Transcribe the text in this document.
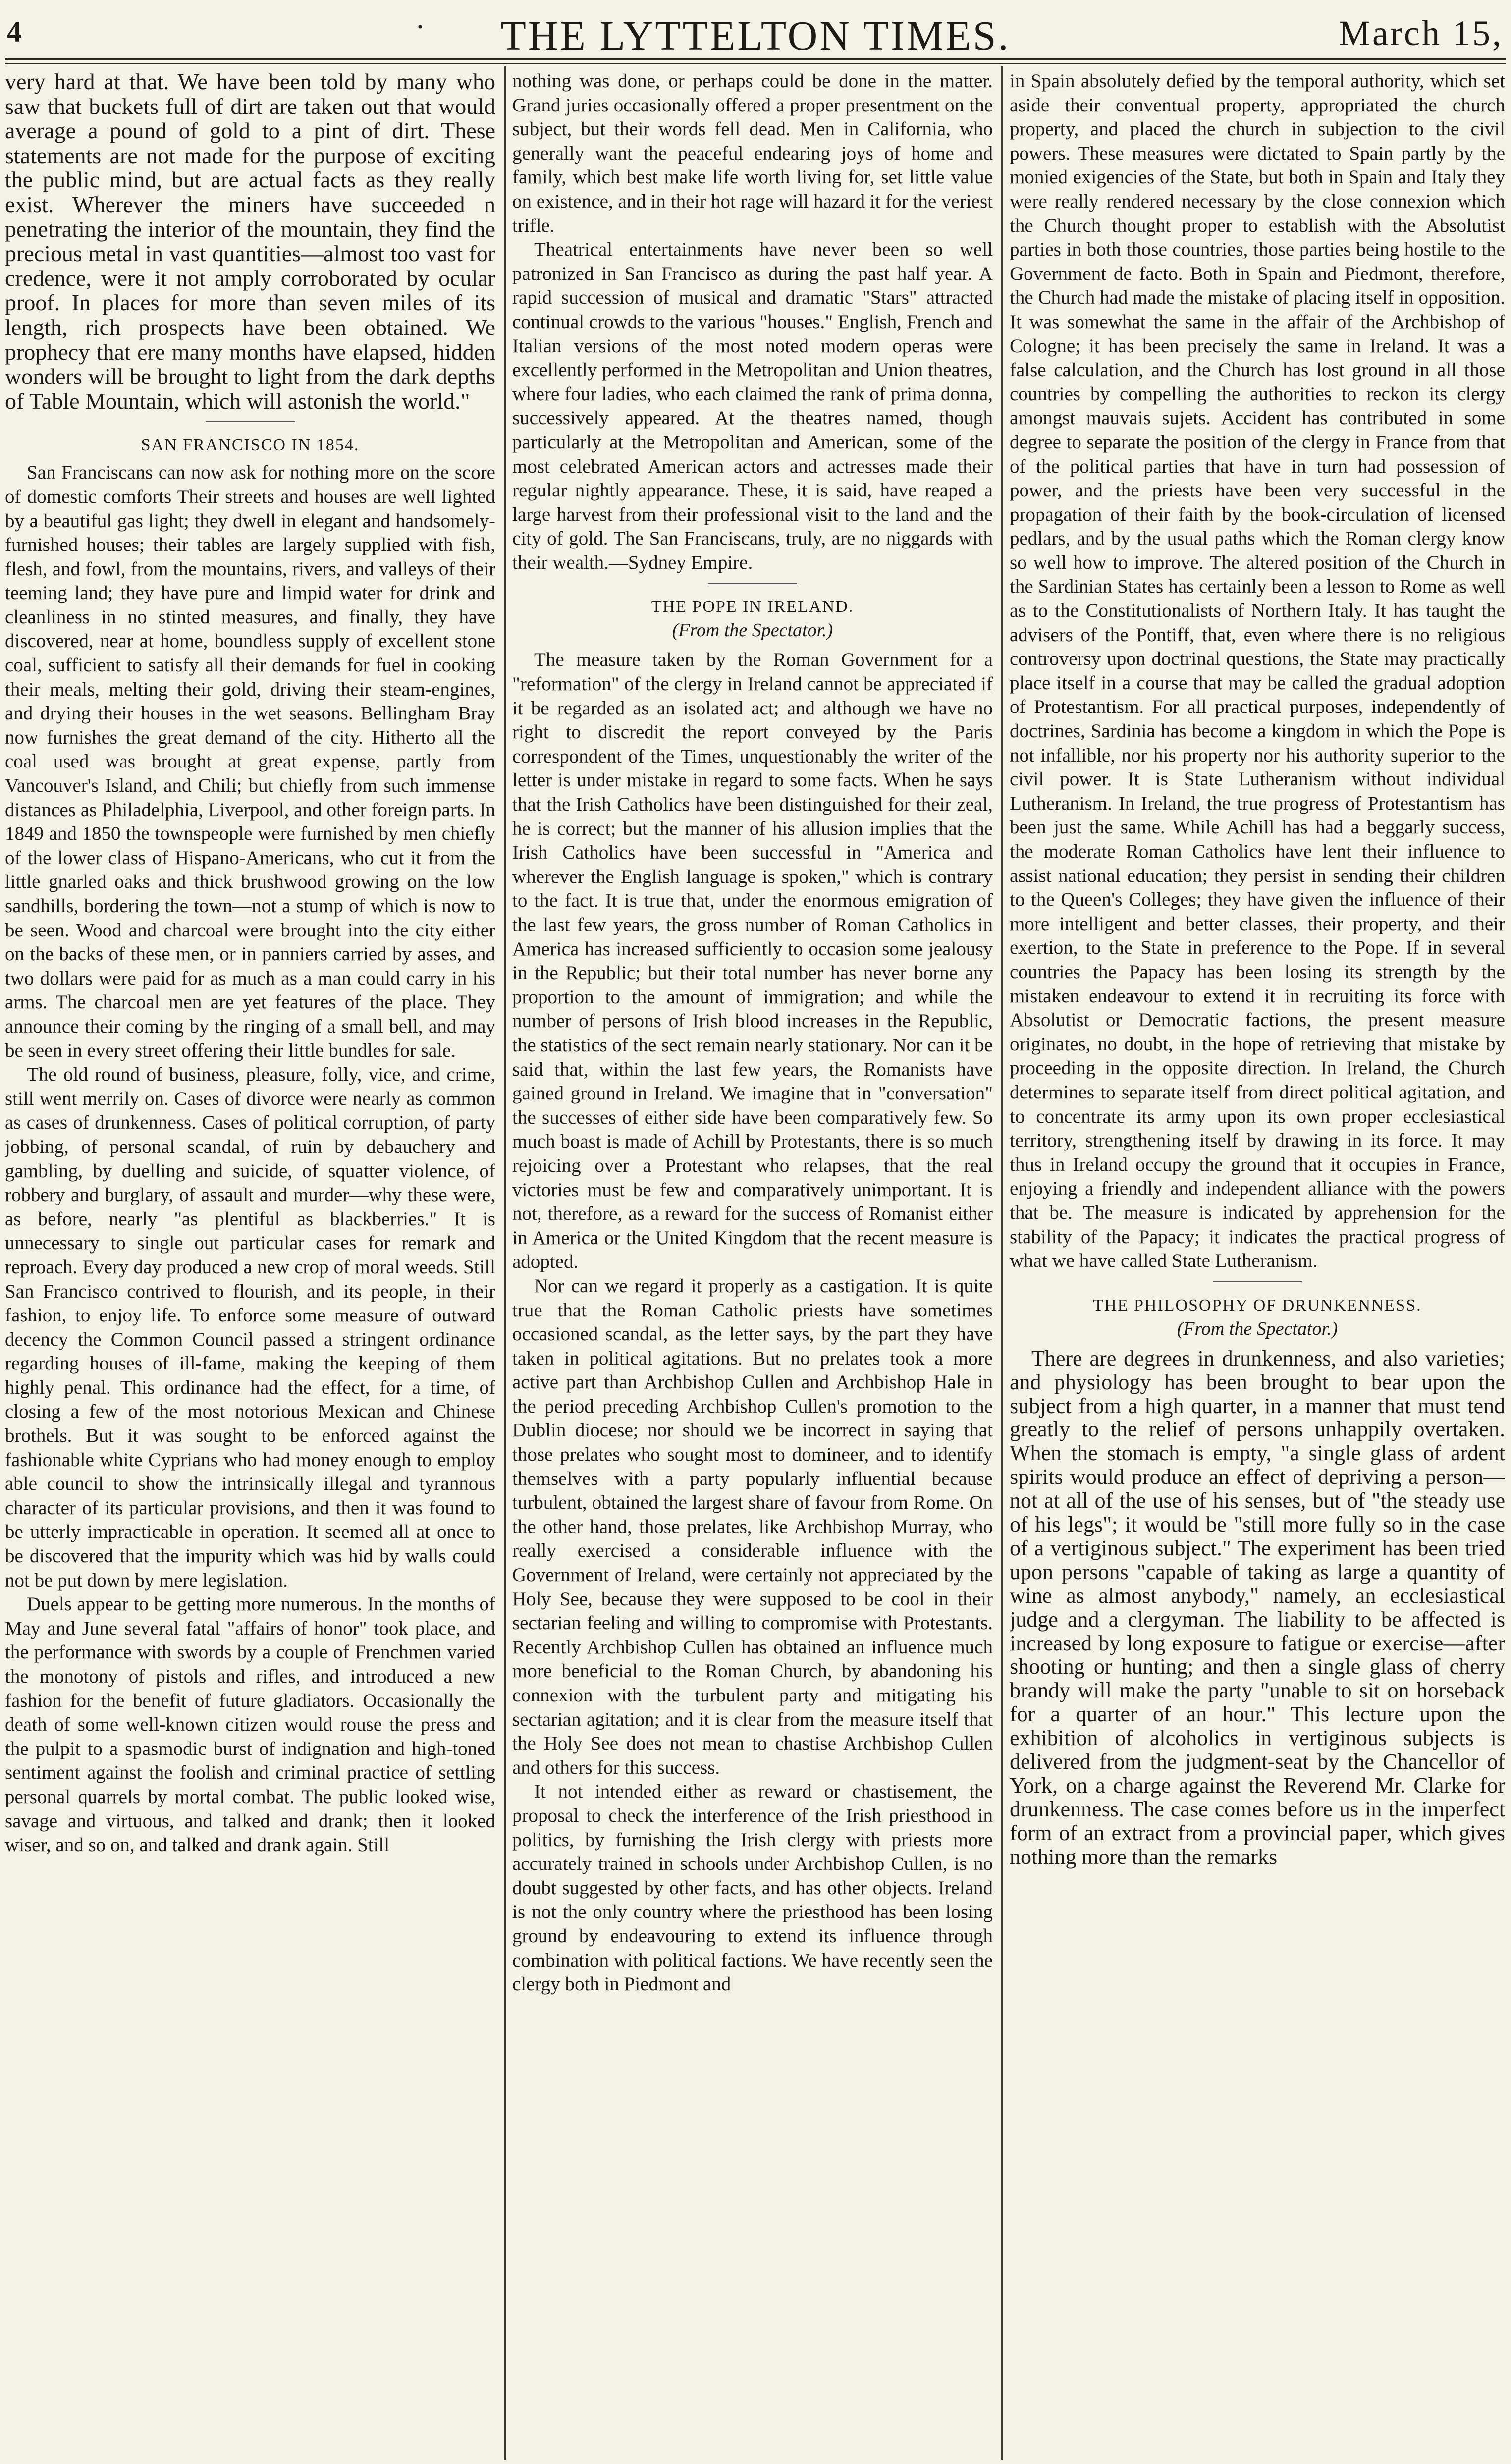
4	·	THE LYTTELTON TIMES.	March 15,

very hard at that. We have been told by many who saw that buckets full of dirt are taken out that would average a pound of gold to a pint of dirt. These statements are not made for the purpose of exciting the public mind, but are actual facts as they really exist. Wherever the miners have succeeded n penetrating the interior of the mountain, they find the precious metal in vast quantities—almost too vast for credence, were it not amply corroborated by ocular proof. In places for more than seven miles of its length, rich prospects have been obtained. We prophecy that ere many months have elapsed, hidden wonders will be brought to light from the dark depths of Table Mountain, which will astonish the world."

SAN FRANCISCO IN 1854.

San Franciscans can now ask for nothing more on the score of domestic comforts Their streets and houses are well lighted by a beautiful gas light; they dwell in elegant and handsomely-furnished houses; their tables are largely supplied with fish, flesh, and fowl, from the mountains, rivers, and valleys of their teeming land; they have pure and limpid water for drink and cleanliness in no stinted measures, and finally, they have discovered, near at home, boundless supply of excellent stone coal, sufficient to satisfy all their demands for fuel in cooking their meals, melting their gold, driving their steam-engines, and drying their houses in the wet seasons. Bellingham Bray now furnishes the great demand of the city. Hitherto all the coal used was brought at great expense, partly from Vancouver's Island, and Chili; but chiefly from such immense distances as Philadelphia, Liverpool, and other foreign parts. In 1849 and 1850 the townspeople were furnished by men chiefly of the lower class of Hispano-Americans, who cut it from the little gnarled oaks and thick brushwood growing on the low sandhills, bordering the town—not a stump of which is now to be seen. Wood and charcoal were brought into the city either on the backs of these men, or in panniers carried by asses, and two dollars were paid for as much as a man could carry in his arms. The charcoal men are yet features of the place. They announce their coming by the ringing of a small bell, and may be seen in every street offering their little bundles for sale.

The old round of business, pleasure, folly, vice, and crime, still went merrily on. Cases of divorce were nearly as common as cases of drunkenness. Cases of political corruption, of party jobbing, of personal scandal, of ruin by debauchery and gambling, by duelling and suicide, of squatter violence, of robbery and burglary, of assault and murder—why these were, as before, nearly "as plentiful as blackberries." It is unnecessary to single out particular cases for remark and reproach. Every day produced a new crop of moral weeds. Still San Francisco contrived to flourish, and its people, in their fashion, to enjoy life. To enforce some measure of outward decency the Common Council passed a stringent ordinance regarding houses of ill-fame, making the keeping of them highly penal. This ordinance had the effect, for a time, of closing a few of the most notorious Mexican and Chinese brothels. But it was sought to be enforced against the fashionable white Cyprians who had money enough to employ able council to show the intrinsically illegal and tyrannous character of its particular provisions, and then it was found to be utterly impracticable in operation. It seemed all at once to be discovered that the impurity which was hid by walls could not be put down by mere legislation.

Duels appear to be getting more numerous. In the months of May and June several fatal "affairs of honor" took place, and the performance with swords by a couple of Frenchmen varied the monotony of pistols and rifles, and introduced a new fashion for the benefit of future gladiators. Occasionally the death of some well-known citizen would rouse the press and the pulpit to a spasmodic burst of indignation and high-toned sentiment against the foolish and criminal practice of settling personal quarrels by mortal combat. The public looked wise, savage and virtuous, and talked and drank; then it looked wiser, and so on, and talked and drank again. Still

nothing was done, or perhaps could be done in the matter. Grand juries occasionally offered a proper presentment on the subject, but their words fell dead. Men in California, who generally want the peaceful endearing joys of home and family, which best make life worth living for, set little value on existence, and in their hot rage will hazard it for the veriest trifle.

Theatrical entertainments have never been so well patronized in San Francisco as during the past half year. A rapid succession of musical and dramatic "Stars" attracted continual crowds to the various "houses." English, French and Italian versions of the most noted modern operas were excellently performed in the Metropolitan and Union theatres, where four ladies, who each claimed the rank of prima donna, successively appeared. At the theatres named, though particularly at the Metropolitan and American, some of the most celebrated American actors and actresses made their regular nightly appearance. These, it is said, have reaped a large harvest from their professional visit to the land and the city of gold. The San Franciscans, truly, are no niggards with their wealth.—Sydney Empire.

THE POPE IN IRELAND.
(From the Spectator.)

The measure taken by the Roman Government for a "reformation" of the clergy in Ireland cannot be appreciated if it be regarded as an isolated act; and although we have no right to discredit the report conveyed by the Paris correspondent of the Times, unquestionably the writer of the letter is under mistake in regard to some facts. When he says that the Irish Catholics have been distinguished for their zeal, he is correct; but the manner of his allusion implies that the Irish Catholics have been successful in "America and wherever the English language is spoken," which is contrary to the fact. It is true that, under the enormous emigration of the last few years, the gross number of Roman Catholics in America has increased sufficiently to occasion some jealousy in the Republic; but their total number has never borne any proportion to the amount of immigration; and while the number of persons of Irish blood increases in the Republic, the statistics of the sect remain nearly stationary. Nor can it be said that, within the last few years, the Romanists have gained ground in Ireland. We imagine that in "conversation" the successes of either side have been comparatively few. So much boast is made of Achill by Protestants, there is so much rejoicing over a Protestant who relapses, that the real victories must be few and comparatively unimportant. It is not, therefore, as a reward for the success of Romanist either in America or the United Kingdom that the recent measure is adopted.

Nor can we regard it properly as a castigation. It is quite true that the Roman Catholic priests have sometimes occasioned scandal, as the letter says, by the part they have taken in political agitations. But no prelates took a more active part than Archbishop Cullen and Archbishop Hale in the period preceding Archbishop Cullen's promotion to the Dublin diocese; nor should we be incorrect in saying that those prelates who sought most to domineer, and to identify themselves with a party popularly influential because turbulent, obtained the largest share of favour from Rome. On the other hand, those prelates, like Archbishop Murray, who really exercised a considerable influence with the Government of Ireland, were certainly not appreciated by the Holy See, because they were supposed to be cool in their sectarian feeling and willing to compromise with Protestants. Recently Archbishop Cullen has obtained an influence much more beneficial to the Roman Church, by abandoning his connexion with the turbulent party and mitigating his sectarian agitation; and it is clear from the measure itself that the Holy See does not mean to chastise Archbishop Cullen and others for this success.

It not intended either as reward or chastisement, the proposal to check the interference of the Irish priesthood in politics, by furnishing the Irish clergy with priests more accurately trained in schools under Archbishop Cullen, is no doubt suggested by other facts, and has other objects. Ireland is not the only country where the priesthood has been losing ground by endeavouring to extend its influence through combination with political factions. We have recently seen the clergy both in Piedmont and

in Spain absolutely defied by the temporal authority, which set aside their conventual property, appropriated the church property, and placed the church in subjection to the civil powers. These measures were dictated to Spain partly by the monied exigencies of the State, but both in Spain and Italy they were really rendered necessary by the close connexion which the Church thought proper to establish with the Absolutist parties in both those countries, those parties being hostile to the Government de facto. Both in Spain and Piedmont, therefore, the Church had made the mistake of placing itself in opposition. It was somewhat the same in the affair of the Archbishop of Cologne; it has been precisely the same in Ireland. It was a false calculation, and the Church has lost ground in all those countries by compelling the authorities to reckon its clergy amongst mauvais sujets. Accident has contributed in some degree to separate the position of the clergy in France from that of the political parties that have in turn had possession of power, and the priests have been very successful in the propagation of their faith by the book-circulation of licensed pedlars, and by the usual paths which the Roman clergy know so well how to improve. The altered position of the Church in the Sardinian States has certainly been a lesson to Rome as well as to the Constitutionalists of Northern Italy. It has taught the advisers of the Pontiff, that, even where there is no religious controversy upon doctrinal questions, the State may practically place itself in a course that may be called the gradual adoption of Protestantism. For all practical purposes, independently of doctrines, Sardinia has become a kingdom in which the Pope is not infallible, nor his property nor his authority superior to the civil power. It is State Lutheranism without individual Lutheranism. In Ireland, the true progress of Protestantism has been just the same. While Achill has had a beggarly success, the moderate Roman Catholics have lent their influence to assist national education; they persist in sending their children to the Queen's Colleges; they have given the influence of their more intelligent and better classes, their property, and their exertion, to the State in preference to the Pope. If in several countries the Papacy has been losing its strength by the mistaken endeavour to extend it in recruiting its force with Absolutist or Democratic factions, the present measure originates, no doubt, in the hope of retrieving that mistake by proceeding in the opposite direction. In Ireland, the Church determines to separate itself from direct political agitation, and to concentrate its army upon its own proper ecclesiastical territory, strengthening itself by drawing in its force. It may thus in Ireland occupy the ground that it occupies in France, enjoying a friendly and independent alliance with the powers that be. The measure is indicated by apprehension for the stability of the Papacy; it indicates the practical progress of what we have called State Lutheranism.

THE PHILOSOPHY OF DRUNKENNESS.
(From the Spectator.)

There are degrees in drunkenness, and also varieties; and physiology has been brought to bear upon the subject from a high quarter, in a manner that must tend greatly to the relief of persons unhappily overtaken. When the stomach is empty, "a single glass of ardent spirits would produce an effect of depriving a person—not at all of the use of his senses, but of "the steady use of his legs"; it would be "still more fully so in the case of a vertiginous subject." The experiment has been tried upon persons "capable of taking as large a quantity of wine as almost anybody," namely, an ecclesiastical judge and a clergyman. The liability to be affected is increased by long exposure to fatigue or exercise—after shooting or hunting; and then a single glass of cherry brandy will make the party "unable to sit on horseback for a quarter of an hour." This lecture upon the exhibition of alcoholics in vertiginous subjects is delivered from the judgment-seat by the Chancellor of York, on a charge against the Reverend Mr. Clarke for drunkenness. The case comes before us in the imperfect form of an extract from a provincial paper, which gives nothing more than the remarks
